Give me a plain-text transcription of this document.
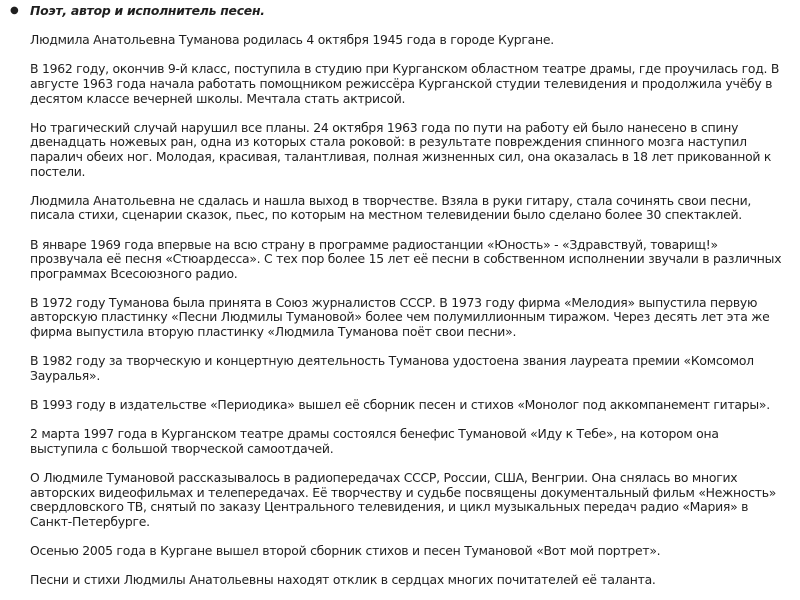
● Поэт, автор и исполнитель песен.

Людмила Анатольевна Туманова родилась 4 октября 1945 года в городе Кургане.

В 1962 году, окончив 9-й класс, поступила в студию при Курганском областном театре драмы, где проучилась год. В августе 1963 года начала работать помощником режиссёра Курганской студии телевидения и продолжила учёбу в десятом классе вечерней школы. Мечтала стать актрисой.

Но трагический случай нарушил все планы. 24 октября 1963 года по пути на работу ей было нанесено в спину двенадцать ножевых ран, одна из которых стала роковой: в результате повреждения спинного мозга наступил паралич обеих ног. Молодая, красивая, талантливая, полная жизненных сил, она оказалась в 18 лет прикованной к постели.

Людмила Анатольевна не сдалась и нашла выход в творчестве. Взяла в руки гитару, стала сочинять свои песни, писала стихи, сценарии сказок, пьес, по которым на местном телевидении было сделано более 30 спектаклей.

В январе 1969 года впервые на всю страну в программе радиостанции «Юность» - «Здравствуй, товарищ!» прозвучала её песня «Стюардесса». С тех пор более 15 лет её песни в собственном исполнении звучали в различных программах Всесоюзного радио.

В 1972 году Туманова была принята в Союз журналистов СССР. В 1973 году фирма «Мелодия» выпустила первую авторскую пластинку «Песни Людмилы Тумановой» более чем полумиллионным тиражом. Через десять лет эта же фирма выпустила вторую пластинку «Людмила Туманова поёт свои песни».

В 1982 году за творческую и концертную деятельность Туманова удостоена звания лауреата премии «Комсомол Зауралья».

В 1993 году в издательстве «Периодика» вышел её сборник песен и стихов «Монолог под аккомпанемент гитары».

2 марта 1997 года в Курганском театре драмы состоялся бенефис Тумановой «Иду к Тебе», на котором она выступила с большой творческой самоотдачей.

О Людмиле Тумановой рассказывалось в радиопередачах СССР, России, США, Венгрии. Она снялась во многих авторских видеофильмах и телепередачах. Её творчеству и судьбе посвящены документальный фильм «Нежность» свердловского ТВ, снятый по заказу Центрального телевидения, и цикл музыкальных передач радио «Мария» в Санкт-Петербурге.

Осенью 2005 года в Кургане вышел второй сборник стихов и песен Тумановой «Вот мой портрет».

Песни и стихи Людмилы Анатольевны находят отклик в сердцах многих почитателей её таланта.
